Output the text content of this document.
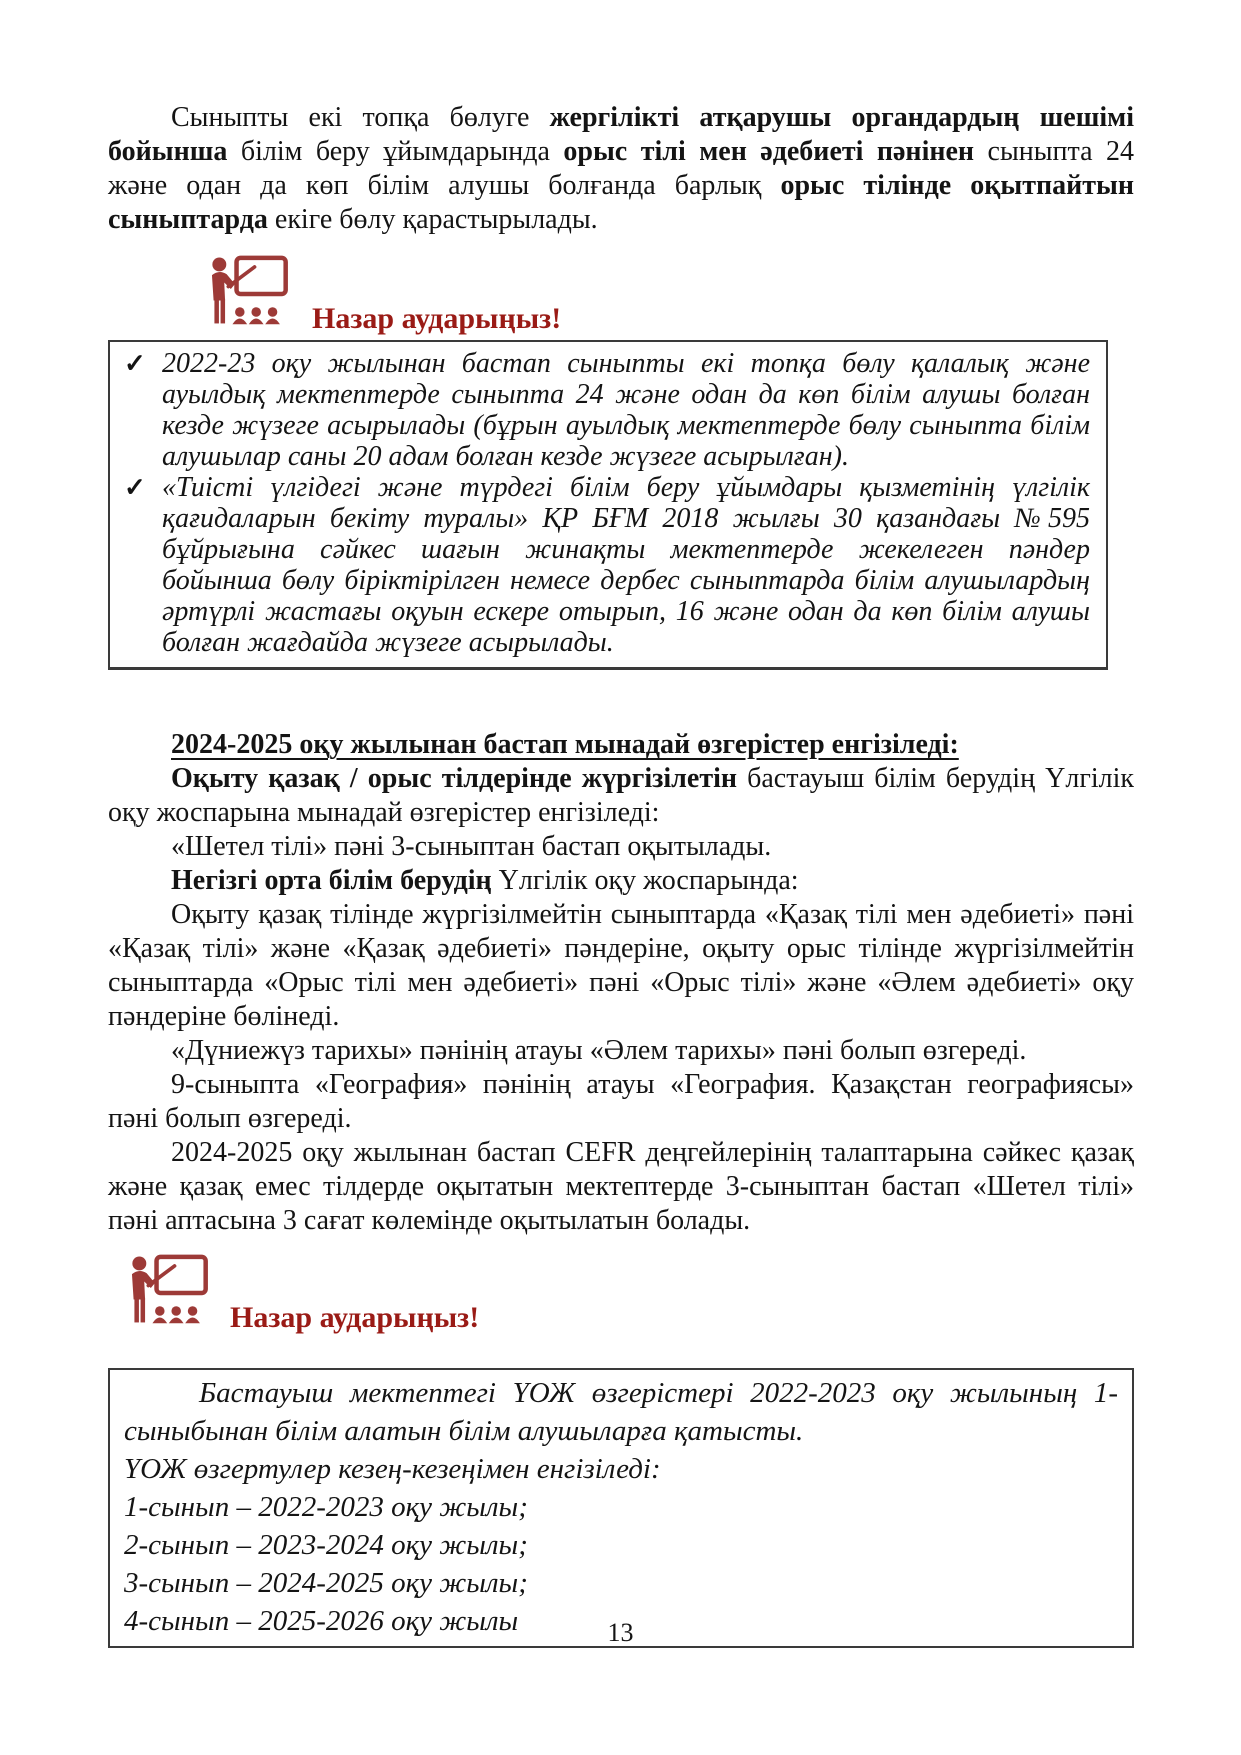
Сыныпты екі топқа бөлуге жергілікті атқарушы органдардың шешімі бойынша білім беру ұйымдарында орыс тілі мен әдебиеті пәнінен сыныпта 24 және одан да көп білім алушы болғанда барлық орыс тілінде оқытпайтын сыныптарда екіге бөлу қарастырылады.

Назар аударыңыз!
✓ 2022-23 оқу жылынан бастап сыныпты екі топқа бөлу қалалық және ауылдық мектептерде сыныпта 24 және одан да көп білім алушы болған кезде жүзеге асырылады (бұрын ауылдық мектептерде бөлу сыныпта білім алушылар саны 20 адам болған кезде жүзеге асырылған).
✓ «Тиісті үлгідегі және түрдегі білім беру ұйымдары қызметінің үлгілік қағидаларын бекіту туралы» ҚР БҒМ 2018 жылғы 30 қазандағы №595 бұйрығына сәйкес шағын жинақты мектептерде жекелеген пәндер бойынша бөлу біріктірілген немесе дербес сыныптарда білім алушылардың әртүрлі жастағы оқуын ескере отырып, 16 және одан да көп білім алушы болған жағдайда жүзеге асырылады.

2024-2025 оқу жылынан бастап мынадай өзгерістер енгізіледі:

Оқыту қазақ / орыс тілдерінде жүргізілетін бастауыш білім берудің Үлгілік оқу жоспарына мынадай өзгерістер енгізіледі:

«Шетел тілі» пәні 3-сыныптан бастап оқытылады.

Негізгі орта білім берудің Үлгілік оқу жоспарында:

Оқыту қазақ тілінде жүргізілмейтін сыныптарда «Қазақ тілі мен әдебиеті» пәні «Қазақ тілі» және «Қазақ әдебиеті» пәндеріне, оқыту орыс тілінде жүргізілмейтін сыныптарда «Орыс тілі мен әдебиеті» пәні «Орыс тілі» және «Әлем әдебиеті» оқу пәндеріне бөлінеді.

«Дүниежүз тарихы» пәнінің атауы «Әлем тарихы» пәні болып өзгереді.

9-сыныпта «География» пәнінің атауы «География. Қазақстан географиясы» пәні болып өзгереді.

2024-2025 оқу жылынан бастап CEFR деңгейлерінің талаптарына сәйкес қазақ және қазақ емес тілдерде оқытатын мектептерде 3-сыныптан бастап «Шетел тілі» пәні аптасына 3 сағат көлемінде оқытылатын болады.

Назар аударыңыз!
Бастауыш мектептегі ҮОЖ өзгерістері 2022-2023 оқу жылының 1-сыныбынан білім алатын білім алушыларға қатысты.
ҮОЖ өзгертулер кезең-кезеңімен енгізіледі:
1-сынып – 2022-2023 оқу жылы;
2-сынып – 2023-2024 оқу жылы;
3-сынып – 2024-2025 оқу жылы;
4-сынып – 2025-2026 оқу жылы	13
